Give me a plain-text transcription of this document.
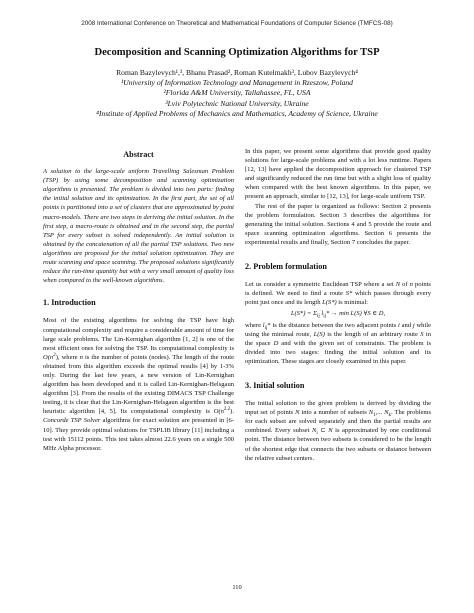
2008 International Conference on Theoretical and Mathematical Foundations of Computer Science (TMFCS-08)
Decomposition and Scanning Optimization Algorithms for TSP
Roman Bazylevych¹,³, Bhanu Prasad², Roman Kutelmakh³, Lubov Bazylevych⁴
¹University of Information Technology and Management in Rzeszow, Poland
²Florida A&M University, Tallahassee, FL, USA
³Lviv Polytechnic National University, Ukraine
⁴Institute of Applied Problems of Mechanics and Mathematics, Academy of Science, Ukraine
Abstract

A solution to the large-scale uniform Travelling Salesman Problem (TSP) by using some decomposition and scanning optimization algorithms is presented. The problem is divided into two parts: finding the initial solution and its optimization. In the first part, the set of all points is partitioned into a set of clusters that are approximated by point macro-models. There are two steps in deriving the initial solution. In the first step, a macro-route is obtained and in the second step, the partial TSP for every subset is solved independently. An initial solution is obtained by the concatenation of all the partial TSP solutions. Two new algorithms are proposed for the initial solution optimization. They are route scanning and space scanning. The proposed solutions significantly reduce the run-time quantity but with a very small amount of quality loss when compared to the well-known algorithms.

1. Introduction

Most of the existing algorithms for solving the TSP have high computational complexity and require a considerable amount of time for large scale problems. The Lin-Kernighan algorithm [1, 2] is one of the most efficient ones for solving the TSP. Its computational complexity is $O(n^2)$, where n is the number of points (nodes). The length of the route obtained from this algorithm exceeds the optimal results [4] by 1-3% only. During the last few years, a new version of Lin-Kernighan algorithm has been developed and it is called Lin-Kernighan-Helsgaun algorithm [3]. From the results of the existing DIMACS TSP Challenge testing, it is clear that the Lin-Kernighan-Helsgaun algorithm is the best heuristic algorithm [4, 5]. Its computational complexity is $O(n^{2.2})$. Concorde TSP Solver algorithms for exact solution are presented in [6-10]. They provide optimal solutions for TSPLIB library [11] including a test with 15112 points. This test takes almost 22.6 years on a single 500 MHz Alpha processor.

In this paper, we present some algorithms that provide good quality solutions for large-scale problems and with a lot less runtime. Papers [12, 13] have applied the decomposition approach for clustered TSP and significantly reduced the run time but with a slight loss of quality when compared with the best known algorithms. In this paper, we present an approach, similar to [12, 13], for large-scale uniform TSP.

The rest of the paper is organized as follows: Section 2 presents the problem formulation. Section 3 describes the algorithms for generating the initial solution. Sections 4 and 5 provide the route and space scanning optimization algorithms. Section 6 presents the experimental results and finally, Section 7 concludes the paper.

2. Problem formulation

Let us consider a symmetric Euclidean TSP where a set N of n points is defined. We need to find a route S* which passes through every point just once and its length L(S*) is minimal:

$L(S*) = \Sigma_{ij}$ $l_{ij}* \to \min L(S)$ ∀S ∈ D,

where $l_{ij}*$ is the distance between the two adjacent points i and j while using the minimal route, L(S) is the length of an arbitrary route S in the space D and with the given set of constraints. The problem is divided into two stages: finding the initial solution and its optimization. These stages are closely examined in this paper.

3. Initial solution

The initial solution to the given problem is derived by dividing the input set of points N into a number of subsets $N_1$,... $N_k$. The problems for each subset are solved separately and then the partial results are combined. Every subset $N_i$ ⊂ N is approximated by one conditional point. The distance between two subsets is considered to be the length of the shortest edge that connects the two subsets or distance between the relative subset centers.

110
